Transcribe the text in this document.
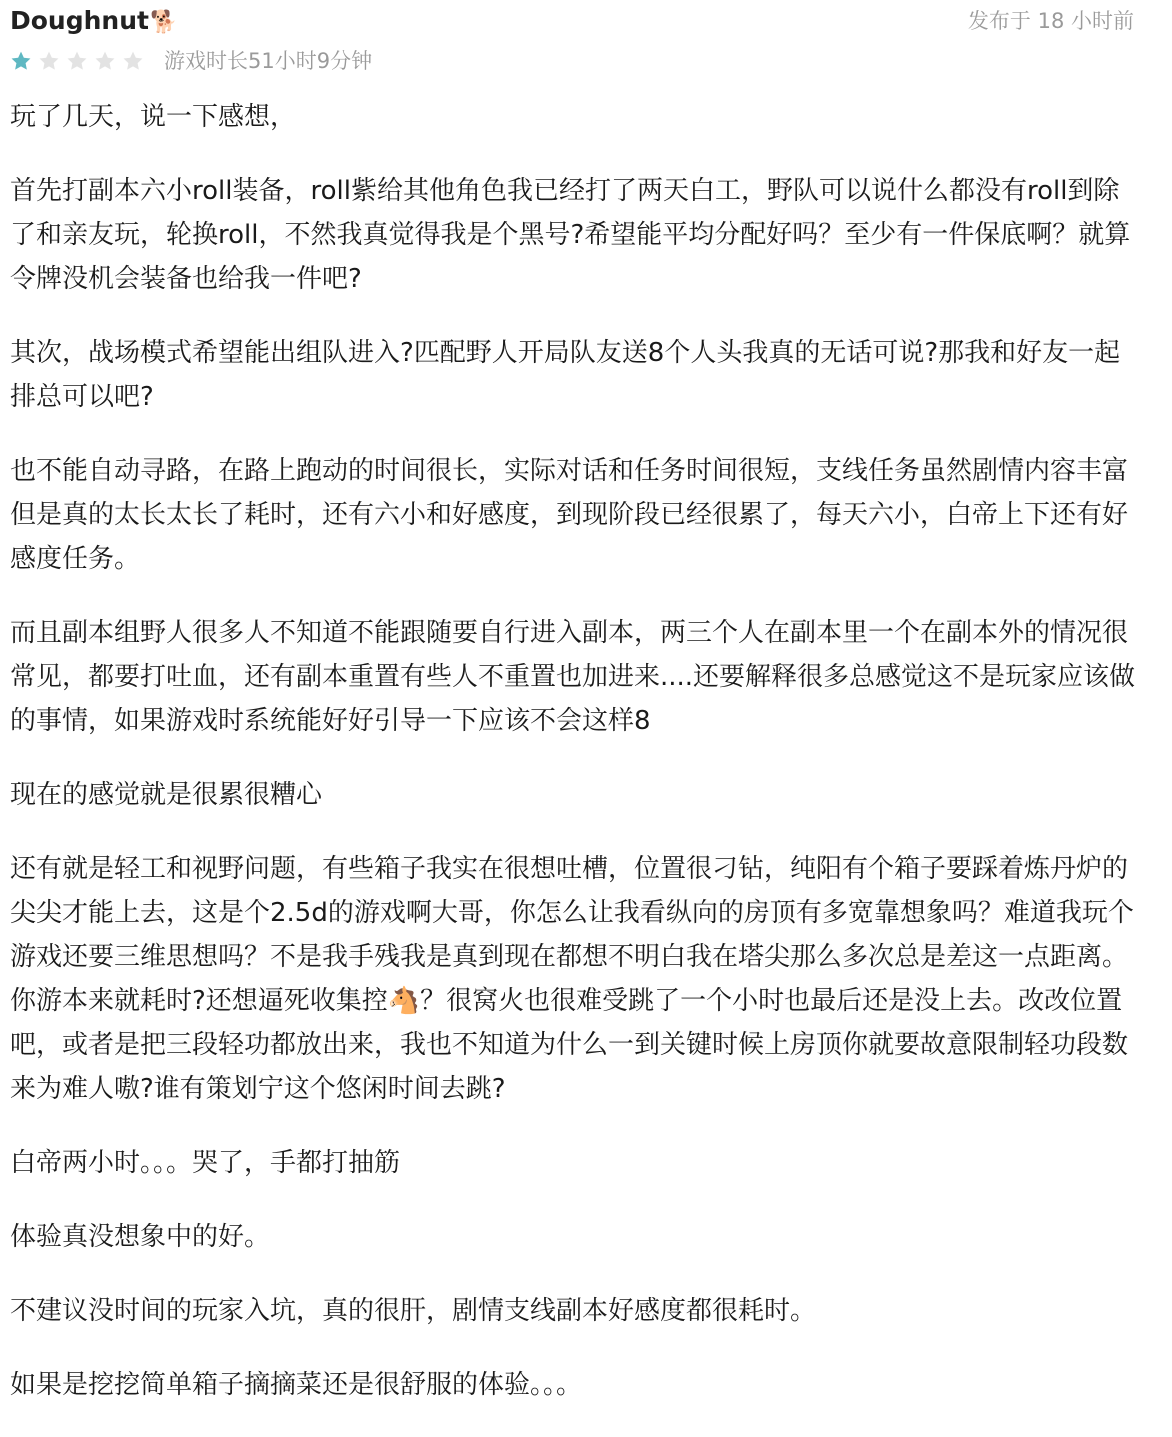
Doughnut🐕	发布于 18 小时前
游戏时长51小时9分钟

玩了几天，说一下感想，

首先打副本六小roll装备，roll紫给其他角色我已经打了两天白工，野队可以说什么都没有roll到除了和亲友玩，轮换roll，不然我真觉得我是个黑号?希望能平均分配好吗？至少有一件保底啊？就算令牌没机会装备也给我一件吧?

其次，战场模式希望能出组队进入?匹配野人开局队友送8个人头我真的无话可说?那我和好友一起排总可以吧?

也不能自动寻路，在路上跑动的时间很长，实际对话和任务时间很短，支线任务虽然剧情内容丰富但是真的太长太长了耗时，还有六小和好感度，到现阶段已经很累了，每天六小，白帝上下还有好感度任务。

而且副本组野人很多人不知道不能跟随要自行进入副本，两三个人在副本里一个在副本外的情况很常见，都要打吐血，还有副本重置有些人不重置也加进来....还要解释很多总感觉这不是玩家应该做的事情，如果游戏时系统能好好引导一下应该不会这样8

现在的感觉就是很累很糟心

还有就是轻工和视野问题，有些箱子我实在很想吐槽，位置很刁钻，纯阳有个箱子要踩着炼丹炉的尖尖才能上去，这是个2.5d的游戏啊大哥，你怎么让我看纵向的房顶有多宽靠想象吗？难道我玩个游戏还要三维思想吗？不是我手残我是真到现在都想不明白我在塔尖那么多次总是差这一点距离。你游本来就耗时?还想逼死收集控🐴？很窝火也很难受跳了一个小时也最后还是没上去。改改位置吧，或者是把三段轻功都放出来，我也不知道为什么一到关键时候上房顶你就要故意限制轻功段数来为难人嗷?谁有策划宁这个悠闲时间去跳?

白帝两小时。。。哭了，手都打抽筋

体验真没想象中的好。

不建议没时间的玩家入坑，真的很肝，剧情支线副本好感度都很耗时。

如果是挖挖简单箱子摘摘菜还是很舒服的体验。。。
